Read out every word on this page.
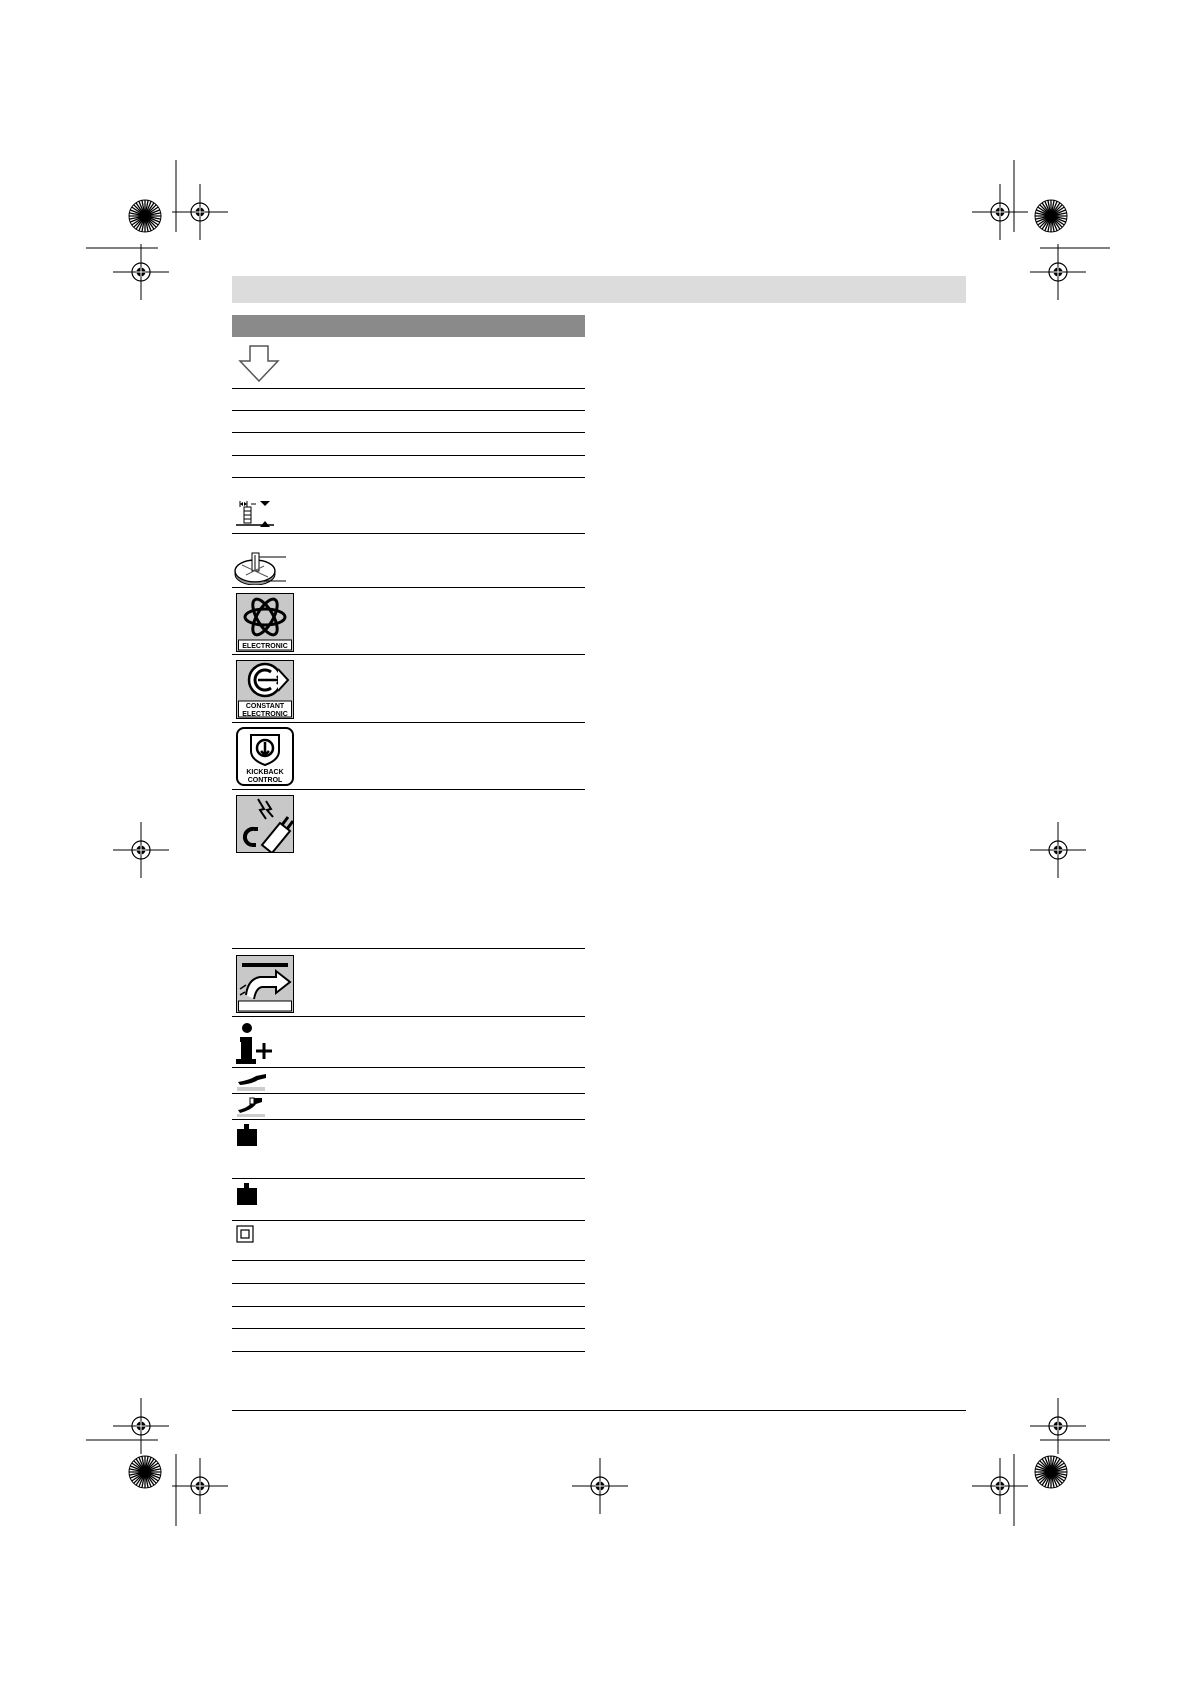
ELECTRONIC
CONSTANT
ELECTRONIC
KICKBACK
CONTROL
